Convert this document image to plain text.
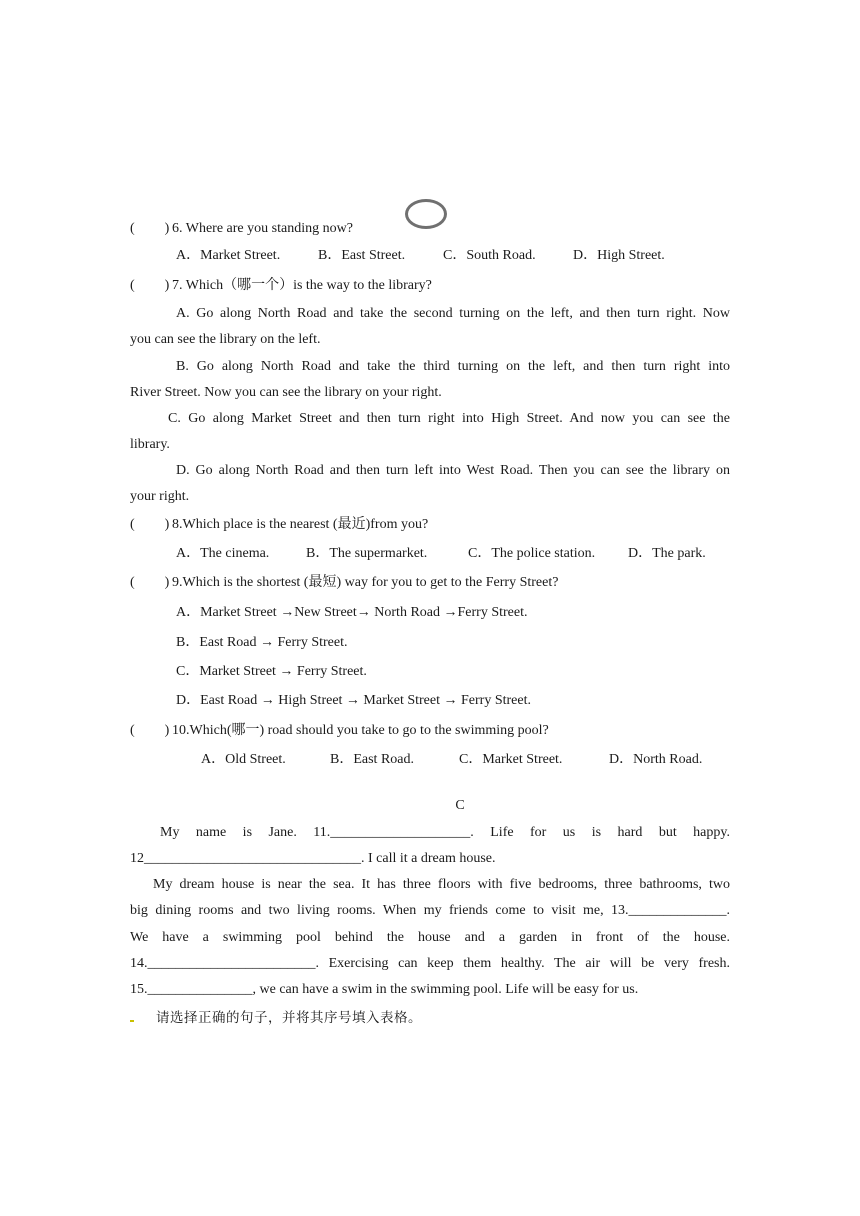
( ) 6. Where are you standing now?
A．Market Street.	B．East Street.	C．South Road.	D．High Street.
( ) 7. Which（哪一个）is the way to the library?
A. Go along North Road and take the second turning on the left, and then turn right. Now
you can see the library on the left.
B. Go along North Road and take the third turning on the left, and then turn right into
River Street. Now you can see the library on your right.
C. Go along Market Street and then turn right into High Street. And now you can see the
library.
D. Go along North Road and then turn left into West Road. Then you can see the library on
your right.
( ) 8.Which place is the nearest (最近)from you?
A．The cinema.	B．The supermarket.	C．The police station.	D．The park.
( ) 9.Which is the shortest (最短) way for you to get to the Ferry Street?
A．Market Street →New Street→ North Road →Ferry Street.
B．East Road → Ferry Street.
C．Market Street → Ferry Street.
D．East Road → High Street → Market Street → Ferry Street.
( ) 10.Which(哪一) road should you take to go to the swimming pool?
A．Old Street.	B．East Road.	C．Market Street.	D．North Road.
C
My name is Jane. 11.____________________. Life for us is hard but happy.
12_______________________________. I call it a dream house.
My dream house is near the sea. It has three floors with five bedrooms, three bathrooms, two
big dining rooms and two living rooms. When my friends come to visit me, 13.______________.
We have a swimming pool behind the house and a garden in front of the house.
14.________________________. Exercising can keep them healthy. The air will be very fresh.
15._______________, we can have a swim in the swimming pool. Life will be easy for us.
请选择正确的句子，并将其序号填入表格。
